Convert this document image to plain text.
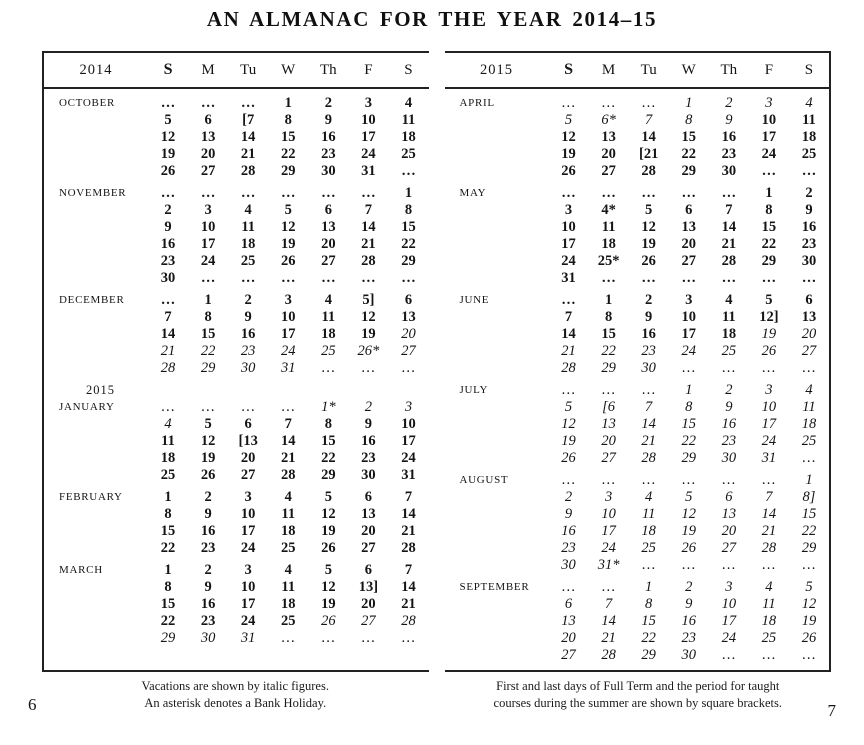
AN ALMANAC FOR THE YEAR 2014–15
2014	S	M	Tu	W	Th	F	S
OCTOBER	…	…	…	1	2	3	4
5	6	[7	8	9	10	11
12	13	14	15	16	17	18
19	20	21	22	23	24	25
26	27	28	29	30	31	…
NOVEMBER	…	…	…	…	…	…	1
2	3	4	5	6	7	8
9	10	11	12	13	14	15
16	17	18	19	20	21	22
23	24	25	26	27	28	29
30	…	…	…	…	…	…
DECEMBER	…	1	2	3	4	5]	6
7	8	9	10	11	12	13
14	15	16	17	18	19	20
21	22	23	24	25	26*	27
28	29	30	31	…	…	…
2015
JANUARY	…	…	…	…	1*	2	3
4	5	6	7	8	9	10
11	12	[13	14	15	16	17
18	19	20	21	22	23	24
25	26	27	28	29	30	31
FEBRUARY	1	2	3	4	5	6	7
8	9	10	11	12	13	14
15	16	17	18	19	20	21
22	23	24	25	26	27	28
MARCH	1	2	3	4	5	6	7
8	9	10	11	12	13]	14
15	16	17	18	19	20	21
22	23	24	25	26	27	28
29	30	31	…	…	…	…
2015	S	M	Tu	W	Th	F	S
APRIL	…	…	…	1	2	3	4
5	6*	7	8	9	10	11
12	13	14	15	16	17	18
19	20	[21	22	23	24	25
26	27	28	29	30	…	…
MAY	…	…	…	…	…	1	2
3	4*	5	6	7	8	9
10	11	12	13	14	15	16
17	18	19	20	21	22	23
24	25*	26	27	28	29	30
31	…	…	…	…	…	…
JUNE	…	1	2	3	4	5	6
7	8	9	10	11	12]	13
14	15	16	17	18	19	20
21	22	23	24	25	26	27
28	29	30	…	…	…	…
JULY	…	…	…	1	2	3	4
5	[6	7	8	9	10	11
12	13	14	15	16	17	18
19	20	21	22	23	24	25
26	27	28	29	30	31	…
AUGUST	…	…	…	…	…	…	1
2	3	4	5	6	7	8]
9	10	11	12	13	14	15
16	17	18	19	20	21	22
23	24	25	26	27	28	29
30	31*	…	…	…	…	…
SEPTEMBER	…	…	1	2	3	4	5
6	7	8	9	10	11	12
13	14	15	16	17	18	19
20	21	22	23	24	25	26
27	28	29	30	…	…	…
Vacations are shown by italic figures.
An asterisk denotes a Bank Holiday.
First and last days of Full Term and the period for taught
courses during the summer are shown by square brackets.
6	7
